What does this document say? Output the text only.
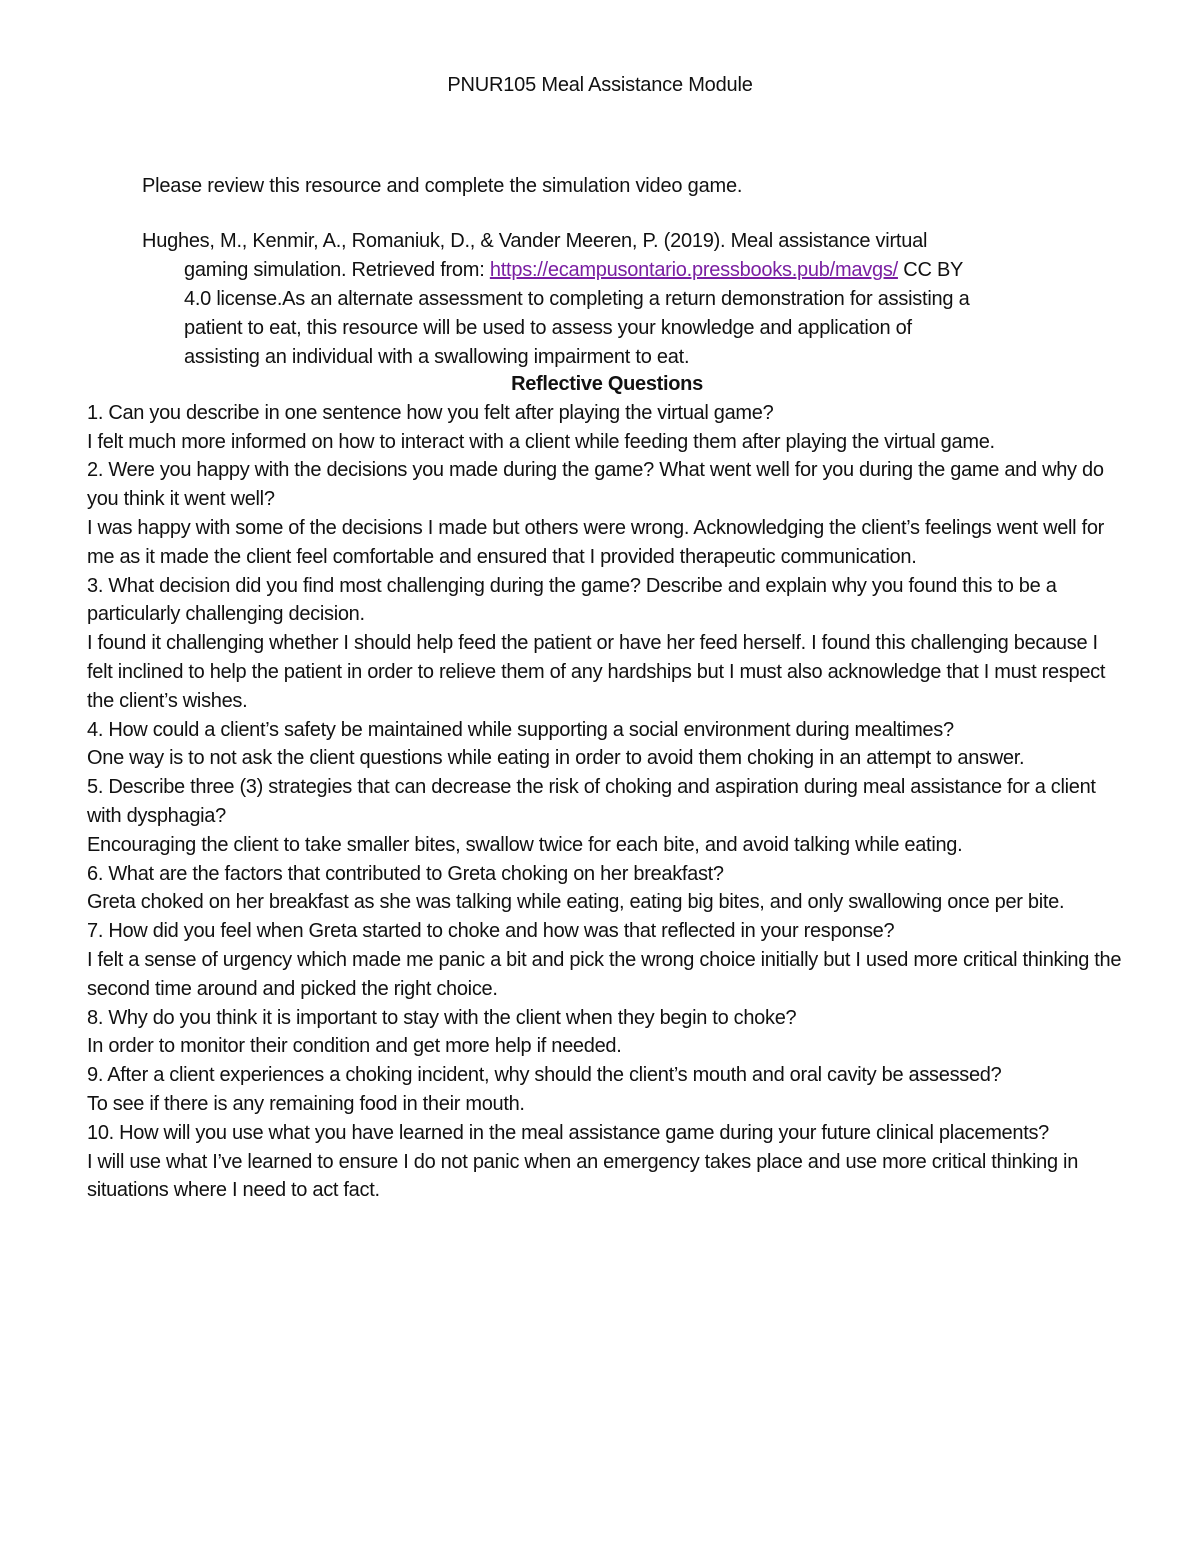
PNUR105 Meal Assistance Module
Please review this resource and complete the simulation video game.
Hughes, M., Kenmir, A., Romaniuk, D., & Vander Meeren, P. (2019). Meal assistance virtual
gaming simulation. Retrieved from: https://ecampusontario.pressbooks.pub/mavgs/ CC BY
4.0 license.As an alternate assessment to completing a return demonstration for assisting a
patient to eat, this resource will be used to assess your knowledge and application of
assisting an individual with a swallowing impairment to eat.

Reflective Questions

1. Can you describe in one sentence how you felt after playing the virtual game?

I felt much more informed on how to interact with a client while feeding them after playing the virtual game.

2. Were you happy with the decisions you made during the game? What went well for you during the game and why do you think it went well?

I was happy with some of the decisions I made but others were wrong. Acknowledging the client’s feelings went well for me as it made the client feel comfortable and ensured that I provided therapeutic communication.

3. What decision did you find most challenging during the game? Describe and explain why you found this to be a particularly challenging decision.

I found it challenging whether I should help feed the patient or have her feed herself. I found this challenging because I felt inclined to help the patient in order to relieve them of any hardships but I must also acknowledge that I must respect the client’s wishes.

4. How could a client’s safety be maintained while supporting a social environment during mealtimes?

One way is to not ask the client questions while eating in order to avoid them choking in an attempt to answer.

5. Describe three (3) strategies that can decrease the risk of choking and aspiration during meal assistance for a client with dysphagia?

Encouraging the client to take smaller bites, swallow twice for each bite, and avoid talking while eating.

6. What are the factors that contributed to Greta choking on her breakfast?

Greta choked on her breakfast as she was talking while eating, eating big bites, and only swallowing once per bite.

7. How did you feel when Greta started to choke and how was that reflected in your response?

I felt a sense of urgency which made me panic a bit and pick the wrong choice initially but I used more critical thinking the second time around and picked the right choice.

8. Why do you think it is important to stay with the client when they begin to choke?

In order to monitor their condition and get more help if needed.

9. After a client experiences a choking incident, why should the client’s mouth and oral cavity be assessed?

To see if there is any remaining food in their mouth.

10. How will you use what you have learned in the meal assistance game during your future clinical placements?

I will use what I’ve learned to ensure I do not panic when an emergency takes place and use more critical thinking in situations where I need to act fact.
